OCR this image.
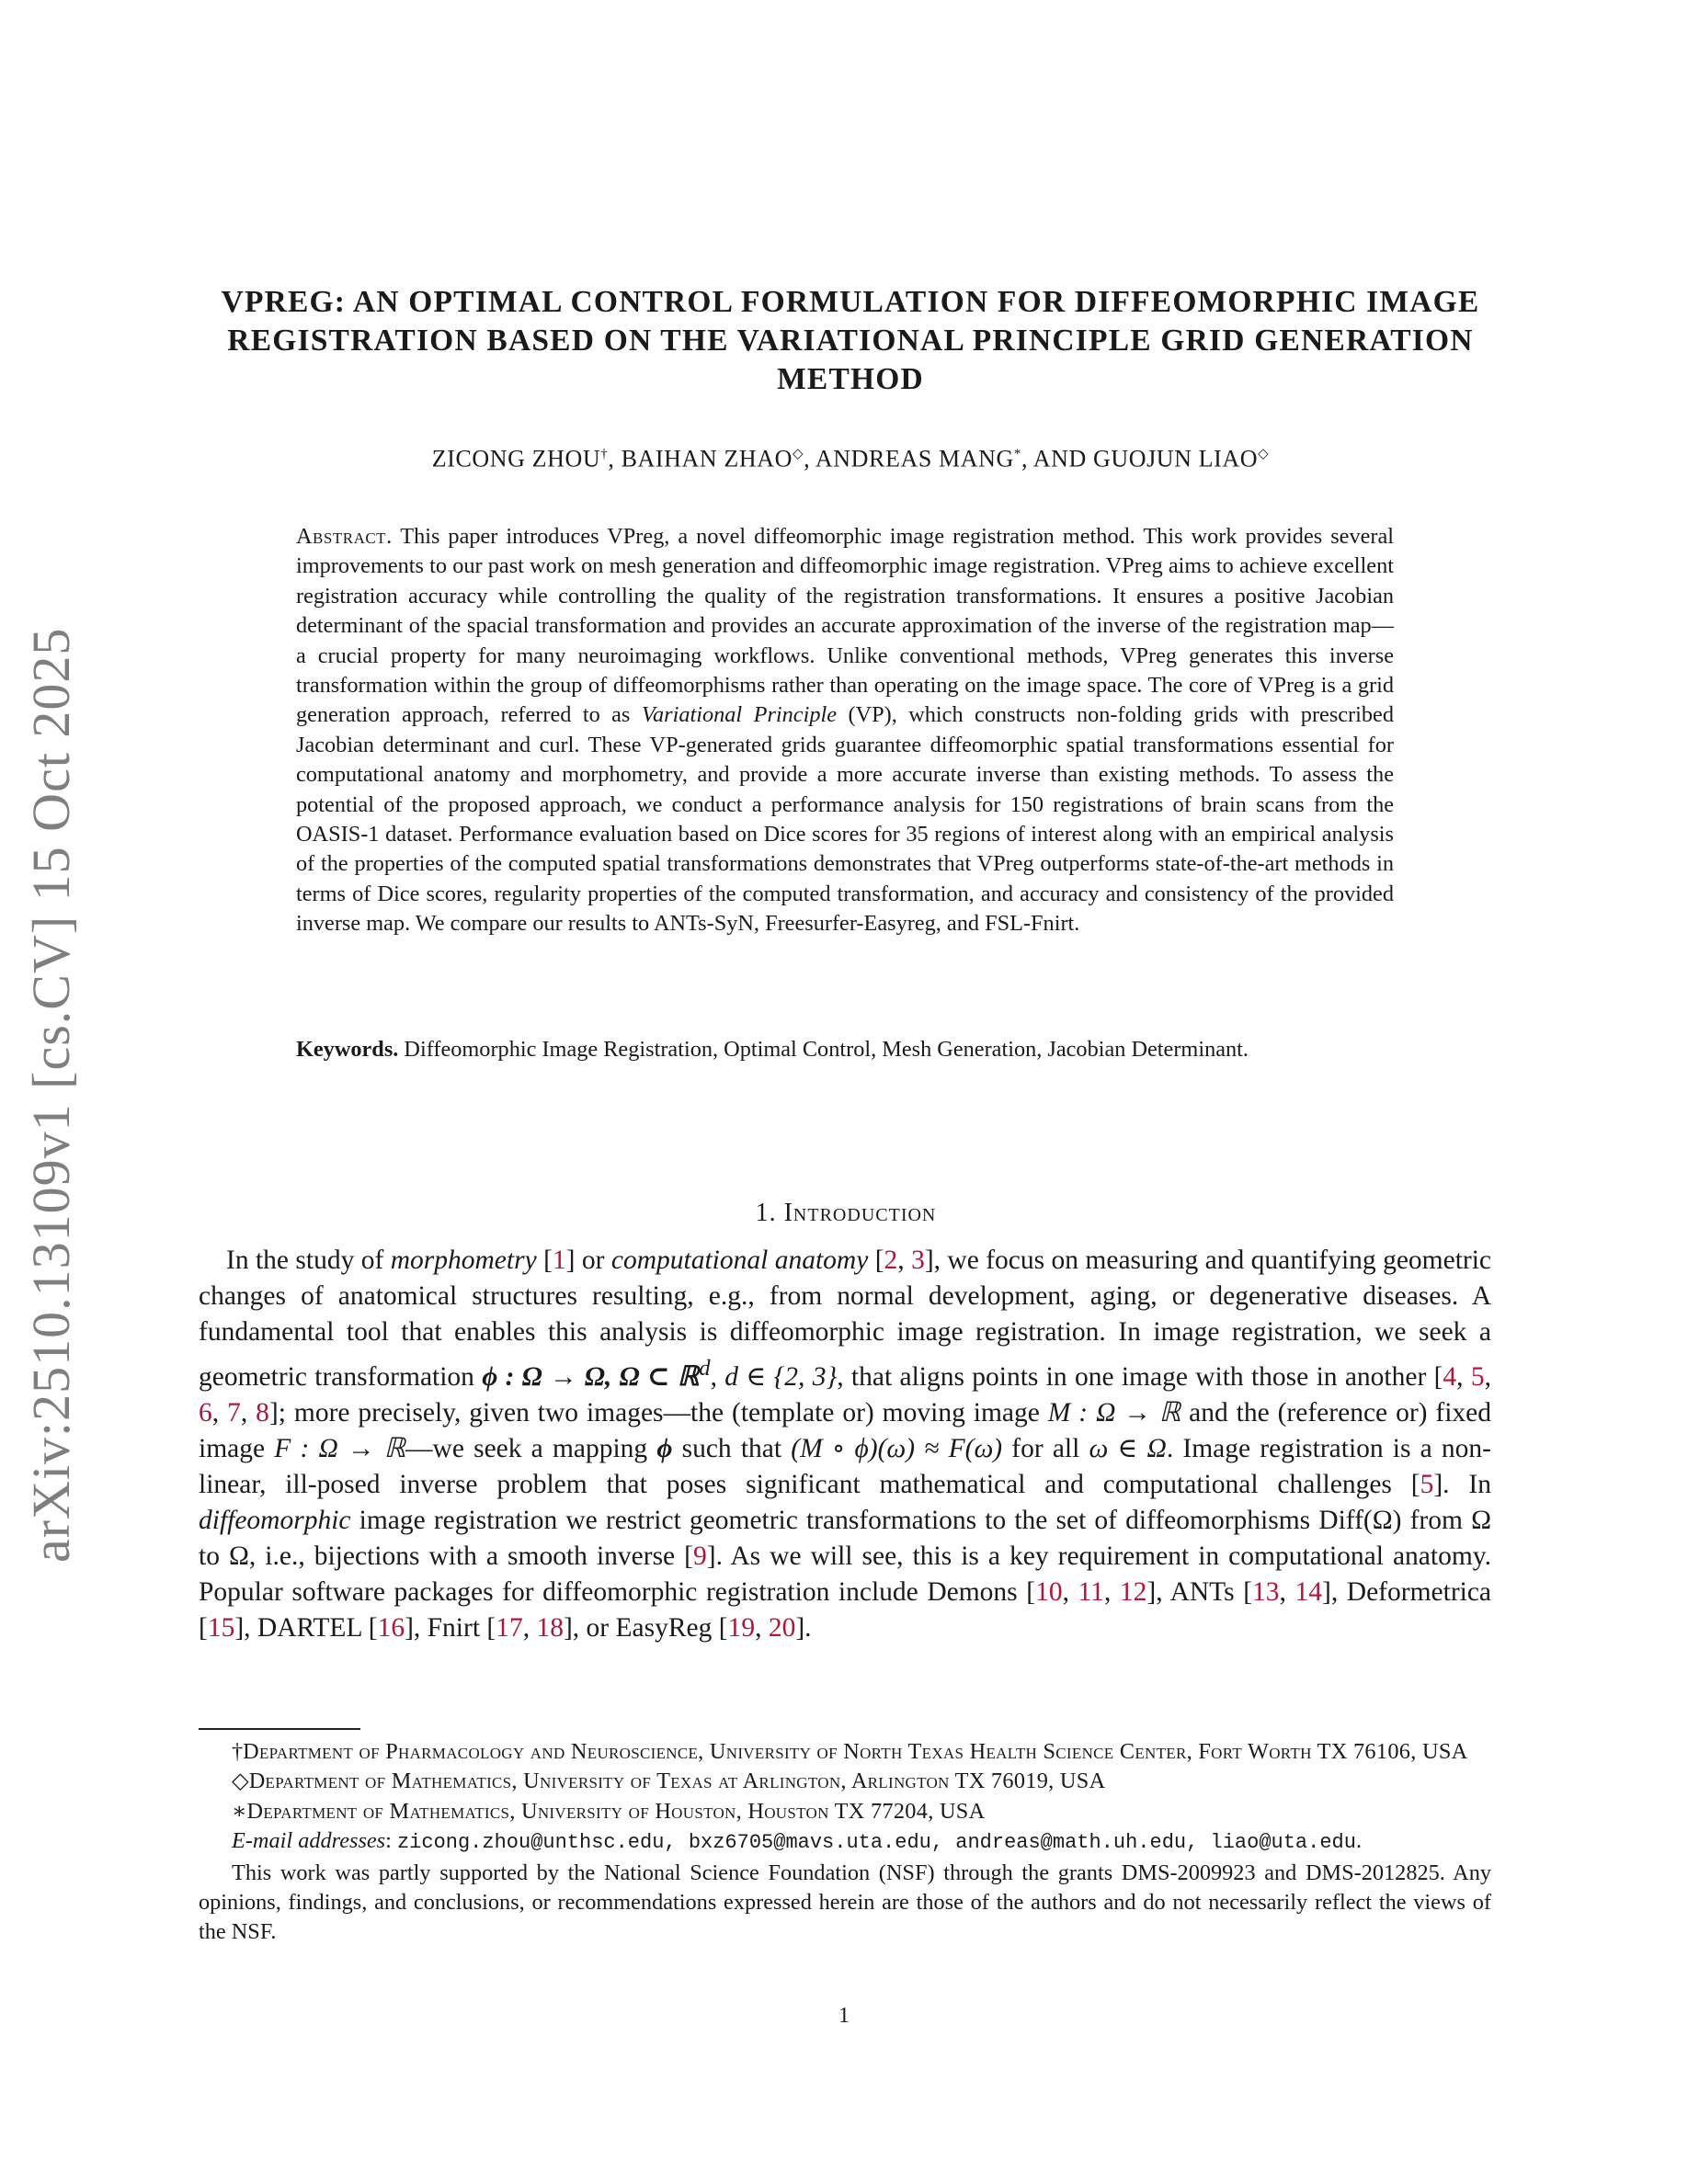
arXiv:2510.13109v1 [cs.CV] 15 Oct 2025
VPREG: AN OPTIMAL CONTROL FORMULATION FOR DIFFEOMORPHIC IMAGE REGISTRATION BASED ON THE VARIATIONAL PRINCIPLE GRID GENERATION METHOD
ZICONG ZHOU†, BAIHAN ZHAO◇, ANDREAS MANG*, AND GUOJUN LIAO◇
Abstract. This paper introduces VPreg, a novel diffeomorphic image registration method. This work provides several improvements to our past work on mesh generation and diffeomorphic image registration. VPreg aims to achieve excellent registration accuracy while controlling the quality of the registration transformations. It ensures a positive Jacobian determinant of the spacial transformation and provides an accurate approximation of the inverse of the registration map—a crucial property for many neuroimaging workflows. Unlike conventional methods, VPreg generates this inverse transformation within the group of diffeomorphisms rather than operating on the image space. The core of VPreg is a grid generation approach, referred to as Variational Principle (VP), which constructs non-folding grids with prescribed Jacobian determinant and curl. These VP-generated grids guarantee diffeomorphic spatial transformations essential for computational anatomy and morphometry, and provide a more accurate inverse than existing methods. To assess the potential of the proposed approach, we conduct a performance analysis for 150 registrations of brain scans from the OASIS-1 dataset. Performance evaluation based on Dice scores for 35 regions of interest along with an empirical analysis of the properties of the computed spatial transformations demonstrates that VPreg outperforms state-of-the-art methods in terms of Dice scores, regularity properties of the computed transformation, and accuracy and consistency of the provided inverse map. We compare our results to ANTs-SyN, Freesurfer-Easyreg, and FSL-Fnirt.
Keywords. Diffeomorphic Image Registration, Optimal Control, Mesh Generation, Jacobian Determinant.
1. Introduction
In the study of morphometry [1] or computational anatomy [2, 3], we focus on measuring and quantifying geometric changes of anatomical structures resulting, e.g., from normal development, aging, or degenerative diseases. A fundamental tool that enables this analysis is diffeomorphic image registration. In image registration, we seek a geometric transformation ϕ : Ω → Ω, Ω ⊂ ℝ$^d$, d ∈ {2, 3}, that aligns points in one image with those in another [4, 5, 6, 7, 8]; more precisely, given two images—the (template or) moving image M : Ω → ℝ and the (reference or) fixed image F : Ω → ℝ—we seek a mapping ϕ such that (M ∘ ϕ)(ω) ≈ F(ω) for all ω ∈ Ω. Image registration is a non-linear, ill-posed inverse problem that poses significant mathematical and computational challenges [5]. In diffeomorphic image registration we restrict geometric transformations to the set of diffeomorphisms Diff(Ω) from Ω to Ω, i.e., bijections with a smooth inverse [9]. As we will see, this is a key requirement in computational anatomy. Popular software packages for diffeomorphic registration include Demons [10, 11, 12], ANTs [13, 14], Deformetrica [15], DARTEL [16], Fnirt [17, 18], or EasyReg [19, 20].

†Department of Pharmacology and Neuroscience, University of North Texas Health Science Center, Fort Worth TX 76106, USA

◇Department of Mathematics, University of Texas at Arlington, Arlington TX 76019, USA

∗Department of Mathematics, University of Houston, Houston TX 77204, USA

E-mail addresses: zicong.zhou@unthsc.edu, bxz6705@mavs.uta.edu, andreas@math.uh.edu, liao@uta.edu.

This work was partly supported by the National Science Foundation (NSF) through the grants DMS-2009923 and DMS-2012825. Any opinions, findings, and conclusions, or recommendations expressed herein are those of the authors and do not necessarily reflect the views of the NSF.

1
